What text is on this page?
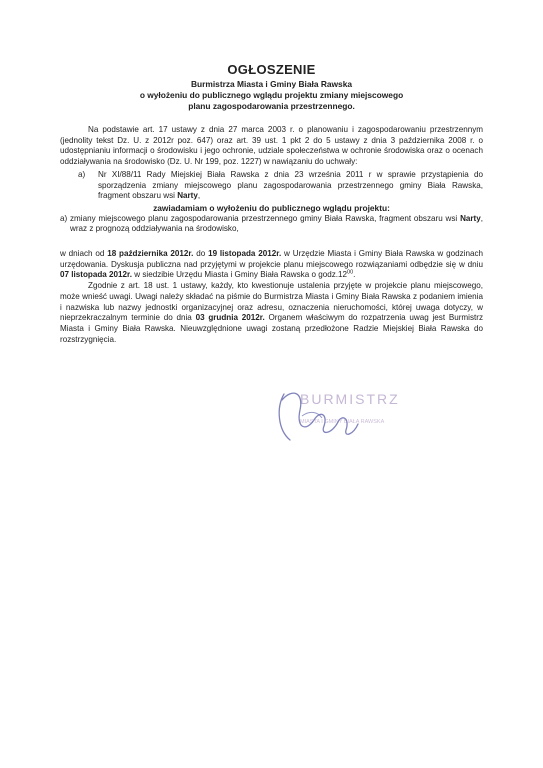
OGŁOSZENIE
Burmistrza Miasta i Gminy Biała Rawska
o wyłożeniu do publicznego wglądu projektu zmiany miejscowego
planu zagospodarowania przestrzennego.

Na podstawie art. 17 ustawy z dnia 27 marca 2003 r. o planowaniu i zagospodarowaniu przestrzennym (jednolity tekst Dz. U. z 2012r poz. 647) oraz art. 39 ust. 1 pkt 2 do 5 ustawy z dnia 3 października 2008 r. o udostępnianiu informacji o środowisku i jego ochronie, udziale społeczeństwa w ochronie środowiska oraz o ocenach oddziaływania na środowisko (Dz. U. Nr 199, poz. 1227) w nawiązaniu do uchwały:

a)	Nr XI/88/11 Rady Miejskiej Biała Rawska z dnia 23 września 2011 r w sprawie przystąpienia do sporządzenia zmiany miejscowego planu zagospodarowania przestrzennego gminy Biała Rawska, fragment obszaru wsi Narty,

zawiadamiam o wyłożeniu do publicznego wglądu projektu:
a) zmiany miejscowego planu zagospodarowania przestrzennego gminy Biała Rawska, fragment obszaru wsi Narty, wraz z prognozą oddziaływania na środowisko,

w dniach od 18 października 2012r. do 19 listopada 2012r. w Urzędzie Miasta i Gminy Biała Rawska w godzinach urzędowania. Dyskusja publiczna nad przyjętymi w projekcie planu miejscowego rozwiązaniami odbędzie się w dniu 07 listopada 2012r. w siedzibie Urzędu Miasta i Gminy Biała Rawska o $godz.12^{00}$.

Zgodnie z art. 18 ust. 1 ustawy, każdy, kto kwestionuje ustalenia przyjęte w projekcie planu miejscowego, może wnieść uwagi. Uwagi należy składać na piśmie do Burmistrza Miasta i Gminy Biała Rawska z podaniem imienia i nazwiska lub nazwy jednostki organizacyjnej oraz adresu, oznaczenia nieruchomości, której uwaga dotyczy, w nieprzekraczalnym terminie do dnia 03 grudnia 2012r. Organem właściwym do rozpatrzenia uwag jest Burmistrz Miasta i Gminy Biała Rawska. Nieuwzględnione uwagi zostaną przedłożone Radzie Miejskiej Biała Rawska do rozstrzygnięcia.

BURMISTRZ
MIASTA I GMINY BIAŁA RAWSKA
